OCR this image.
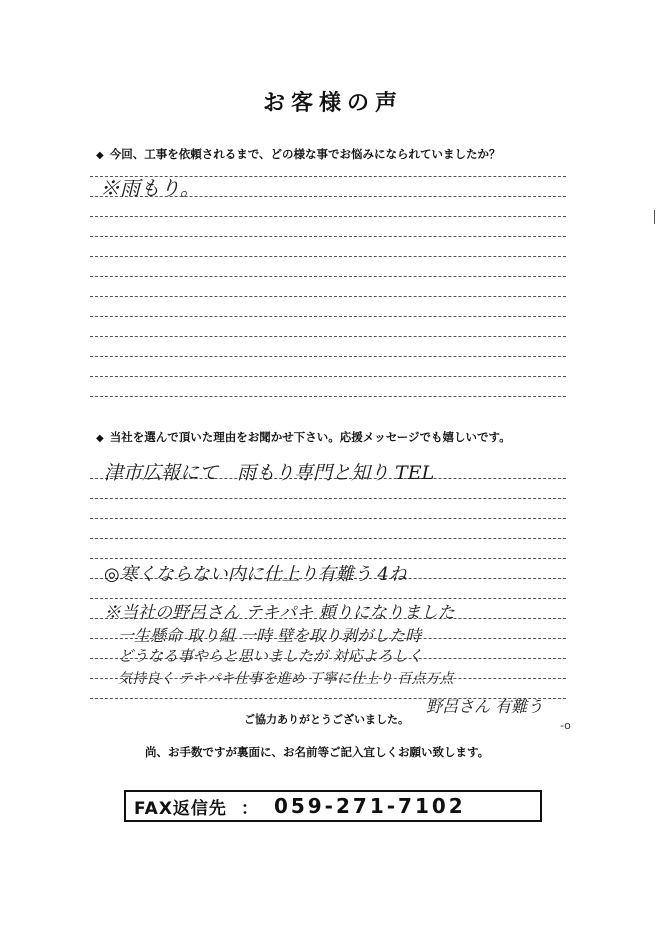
お客様の声
◆ 今回、工事を依頼されるまで、どの様な事でお悩みになられていましたか？
※雨もり。
◆ 当社を選んで頂いた理由をお聞かせ下さい。応援メッセージでも嬉しいです。
津市広報にて　雨もり専門と知り TEL
◎寒くならない内に仕上り有難う 4ね
※当社の野呂さん テキパキ 頼りになりました
一生懸命 取り組 一時 壁を取り剥がした時
どうなる事やらと思いましたが 対応よろしく
気持良く テキパキ仕事を進め 丁寧に仕上り 百点万点
野呂さん 有難う
ご協力ありがとうございました。	-o
尚、お手数ですが裏面に、お名前等ご記入宜しくお願い致します。
FAX返信先 ： 059-271-7102
